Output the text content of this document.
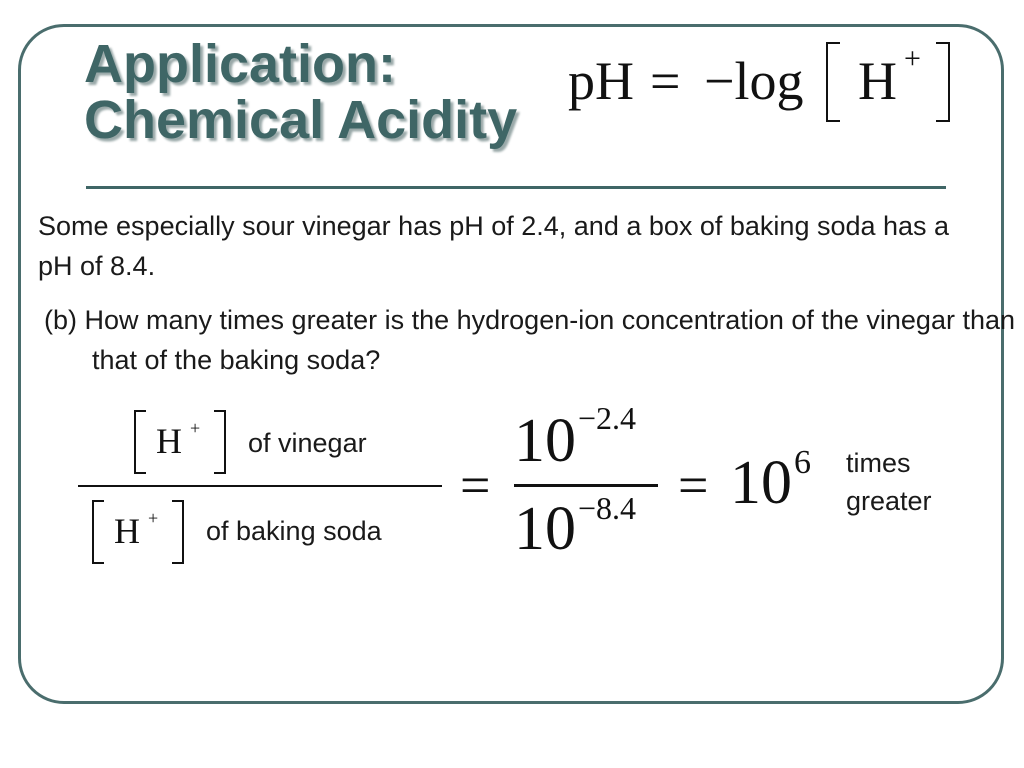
Application:
Chemical Acidity
pH = −log H +

Some especially sour vinegar has pH of 2.4, and a box of baking soda has a pH of 8.4.

(b) How many times greater is the hydrogen-ion concentration of the vinegar than that of the baking soda?

H + of vinegar
H + of baking soda
=
10 −2.4
10 −8.4 = 10 6 times
greater
